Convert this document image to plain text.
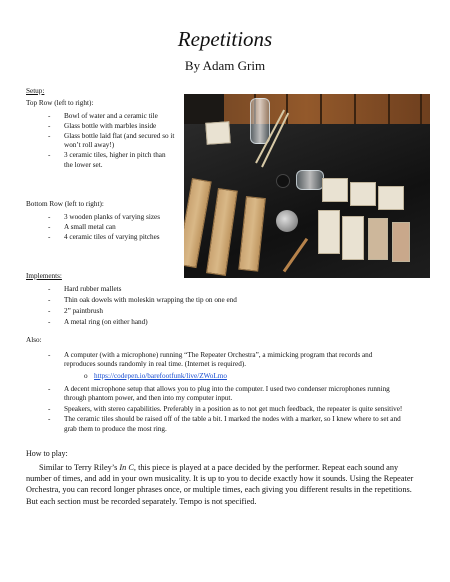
Repetitions
By Adam Grim
Setup:
Top Row (left to right):
- Bowl of water and a ceramic tile
- Glass bottle with marbles inside
- Glass bottle laid flat (and secured so it won’t roll away!)
- 3 ceramic tiles, higher in pitch than the lower set.
Bottom Row (left to right):
- 3 wooden planks of varying sizes
- A small metal can
- 4 ceramic tiles of varying pitches
Implements:
- Hard rubber mallets
- Thin oak dowels with moleskin wrapping the tip on one end
- 2” paintbrush
- A metal ring (on either hand)
Also:
- A computer (with a microphone) running “The Repeater Orchestra”, a mimicking program that records and reproduces sounds randomly in real time. (Internet is required).
o https://codepen.io/barefootfunk/live/ZWoLmo
- A decent microphone setup that allows you to plug into the computer. I used two condenser microphones running through phantom power, and then into my computer input.
- Speakers, with stereo capabilities. Preferably in a position as to not get much feedback, the repeater is quite sensitive!
- The ceramic tiles should be raised off of the table a bit. I marked the nodes with a marker, so I knew where to set and grab them to produce the most ring.
How to play:
Similar to Terry Riley’s In C, this piece is played at a pace decided by the performer. Repeat each sound any number of times, and add in your own musicality. It is up to you to decide exactly how it sounds. Using the Repeater Orchestra, you can record longer phrases once, or multiple times, each giving you different results in the repetitions. But each section must be recorded separately. Tempo is not specified.
